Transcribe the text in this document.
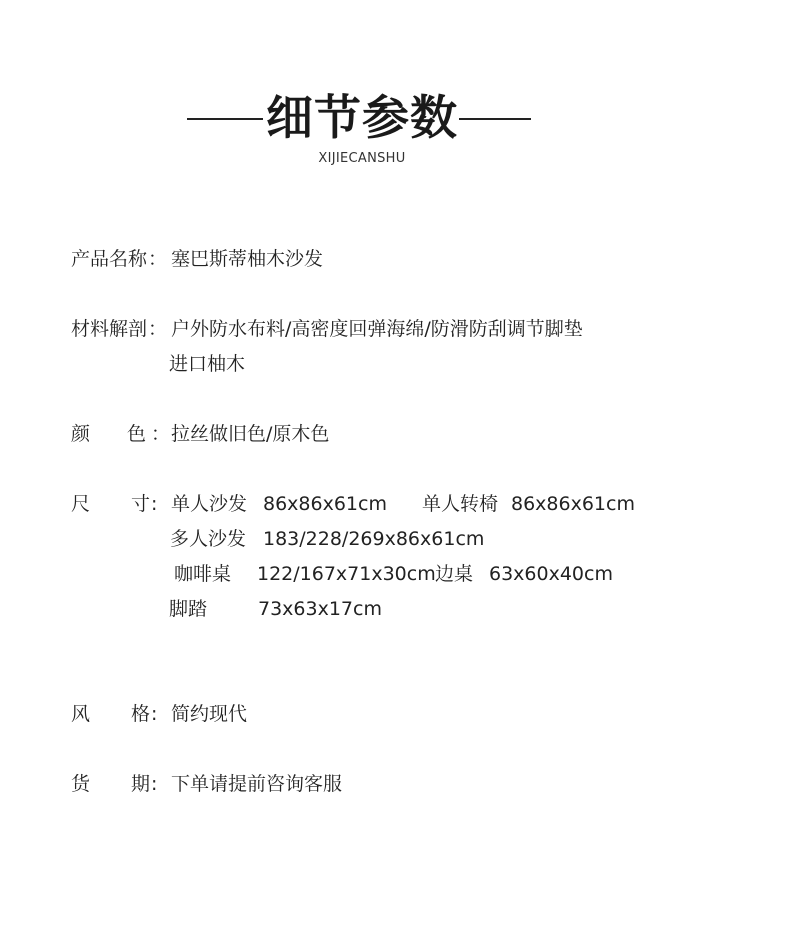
细节参数
XIJIECANSHU
产品名称 ： 塞巴斯蒂柚木沙发
材料解剖 ： 户外防水布料/高密度回弹海绵/防滑防刮调节脚垫
进口柚木
颜	色 ： 拉丝做旧色/原木色
尺	寸 : 单人沙发 86x86x61cm 单人转椅 86x86x61cm
多人沙发 183/228/269x86x61cm
咖啡桌 122/167x71x30cm 边桌 63x60x40cm
脚踏	73x63x17cm
风	格 : 简约现代
货	期 : 下单请提前咨询客服
